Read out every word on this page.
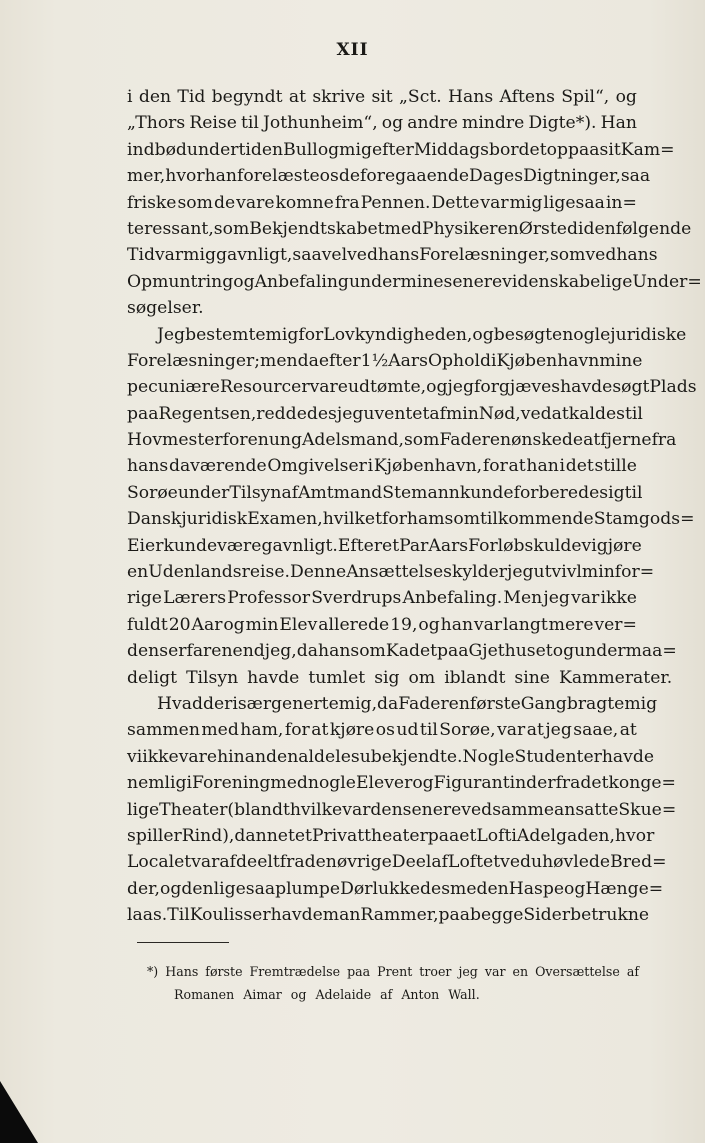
XII
i den Tid begyndt at skrive sit „Sct. Hans Aftens Spil“, og
„Thors Reise til Jothunheim“, og andre mindre Digte*). Han
indbød undertiden Bull og mig efter Middagsbordet op paa sit Kam=
mer, hvor han forelæste os de foregaaende Dages Digtninger, saa
friske som de vare komne fra Pennen. Dette var mig ligesaa in=
teressant, som Bekjendtskabet med Physikeren Ørsted i den følgende
Tid var mig gavnligt, saavel ved hans Forelæsninger, som ved hans
Opmuntring og Anbefaling under mine senere videnskabelige Under=
søgelser.
Jeg bestemte mig for Lovkyndigheden, og besøgte nogle juridiske
Forelæsninger; men da efter 1½ Aars Ophold i Kjøbenhavn mine
pecuniære Resourcer vare udtømte, og jeg forgjæves havde søgt Plads
paa Regentsen, reddedes jeg uventet af min Nød, ved at kaldes til
Hovmester for en ung Adelsmand, som Faderen ønskede at fjerne fra
hans daværende Omgivelser i Kjøbenhavn, for at han i det stille
Sorøe under Tilsyn af Amtmand Stemann kunde forberede sig til
Dansk juridisk Examen, hvilket for ham som tilkommende Stamgods=
Eier kunde være gavnligt. Efter et Par Aars Forløb skulde vi gjøre
en Udenlandsreise. Denne Ansættelse skylder jeg utvivl min for=
rige Lærers Professor Sverdrups Anbefaling. Men jeg var ikke
fuldt 20 Aar og min Elev allerede 19, og han var langt mere ver=
denserfaren end jeg, da han som Kadet paa Gjethuset og under maa=
deligt Tilsyn havde tumlet sig om iblandt sine Kammerater.
Hvad der især generte mig, da Faderen første Gang bragte mig
sammen med ham, for at kjøre os ud til Sorøe, var at jeg saae, at
vi ikke vare hinanden aldeles ubekjendte. Nogle Studenter havde
nemlig i Forening med nogle Elever og Figurantinder fra det konge=
lige Theater (blandt hvilke var den senere ved samme ansatte Skue=
spiller Rind), dannet et Privattheater paa et Loft i Adelgaden, hvor
Localet var afdeelt fra den øvrige Deel af Loftet ved uhøvlede Bred=
der, og den ligesaa plumpe Dør lukkedes med en Haspe og Hænge=
laas. Til Koulisser havde man Rammer, paa begge Sider betrukne
*) Hans første Fremtrædelse paa Prent troer jeg var en Oversættelse af
Romanen Aimar og Adelaide af Anton Wall.
